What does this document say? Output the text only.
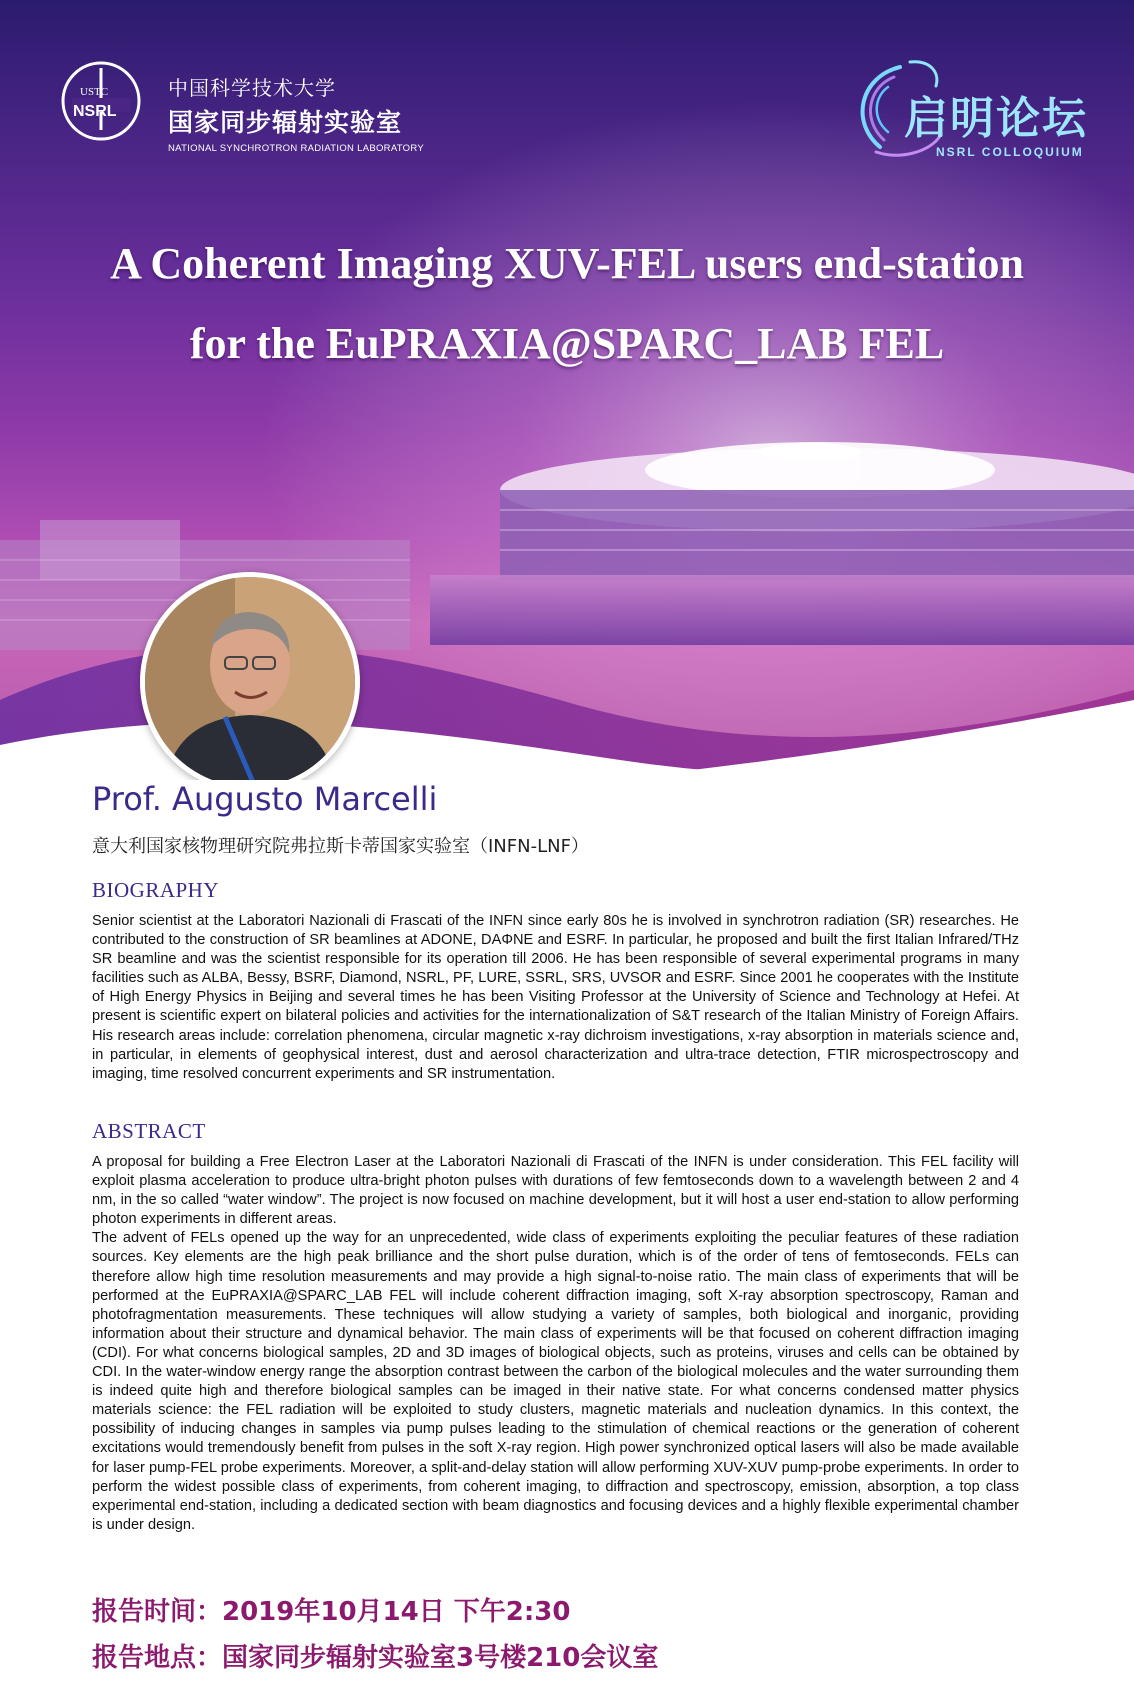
USTC
NSRL
中国科学技术大学
国家同步辐射实验室
NATIONAL SYNCHROTRON RADIATION LABORATORY
启明论坛
NSRL COLLOQUIUM
A Coherent Imaging XUV-FEL users end-station
for the EuPRAXIA@SPARC_LAB FEL
Prof. Augusto Marcelli
意大利国家核物理研究院弗拉斯卡蒂国家实验室（INFN-LNF）
BIOGRAPHY

Senior scientist at the Laboratori Nazionali di Frascati of the INFN since early 80s he is involved in synchrotron radiation (SR) researches. He contributed to the construction of SR beamlines at ADONE, DAΦNE and ESRF. In particular, he proposed and built the first Italian Infrared/THz SR beamline and was the scientist responsible for its operation till 2006. He has been responsible of several experimental programs in many facilities such as ALBA, Bessy, BSRF, Diamond, NSRL, PF, LURE, SSRL, SRS, UVSOR and ESRF. Since 2001 he cooperates with the Institute of High Energy Physics in Beijing and several times he has been Visiting Professor at the University of Science and Technology at Hefei. At present is scientific expert on bilateral policies and activities for the internationalization of S&T research of the Italian Ministry of Foreign Affairs. His research areas include: correlation phenomena, circular magnetic x-ray dichroism investigations, x-ray absorption in materials science and, in particular, in elements of geophysical interest, dust and aerosol characterization and ultra-trace detection, FTIR microspectroscopy and imaging, time resolved concurrent experiments and SR instrumentation.

ABSTRACT

A proposal for building a Free Electron Laser at the Laboratori Nazionali di Frascati of the INFN is under consideration. This FEL facility will exploit plasma acceleration to produce ultra-bright photon pulses with durations of few femtoseconds down to a wavelength between 2 and 4 nm, in the so called “water window”. The project is now focused on machine development, but it will host a user end-station to allow performing photon experiments in different areas.

The advent of FELs opened up the way for an unprecedented, wide class of experiments exploiting the peculiar features of these radiation sources. Key elements are the high peak brilliance and the short pulse duration, which is of the order of tens of femtoseconds. FELs can therefore allow high time resolution measurements and may provide a high signal-to-noise ratio. The main class of experiments that will be performed at the EuPRAXIA@SPARC_LAB FEL will include coherent diffraction imaging, soft X-ray absorption spectroscopy, Raman and photofragmentation measurements. These techniques will allow studying a variety of samples, both biological and inorganic, providing information about their structure and dynamical behavior. The main class of experiments will be that focused on coherent diffraction imaging (CDI). For what concerns biological samples, 2D and 3D images of biological objects, such as proteins, viruses and cells can be obtained by CDI. In the water-window energy range the absorption contrast between the carbon of the biological molecules and the water surrounding them is indeed quite high and therefore biological samples can be imaged in their native state. For what concerns condensed matter physics materials science: the FEL radiation will be exploited to study clusters, magnetic materials and nucleation dynamics. In this context, the possibility of inducing changes in samples via pump pulses leading to the stimulation of chemical reactions or the generation of coherent excitations would tremendously benefit from pulses in the soft X-ray region. High power synchronized optical lasers will also be made available for laser pump-FEL probe experiments. Moreover, a split-and-delay station will allow performing XUV-XUV pump-probe experiments. In order to perform the widest possible class of experiments, from coherent imaging, to diffraction and spectroscopy, emission, absorption, a top class experimental end-station, including a dedicated section with beam diagnostics and focusing devices and a highly flexible experimental chamber is under design.

报告时间：2019年10月14日 下午2:30
报告地点：国家同步辐射实验室3号楼210会议室
